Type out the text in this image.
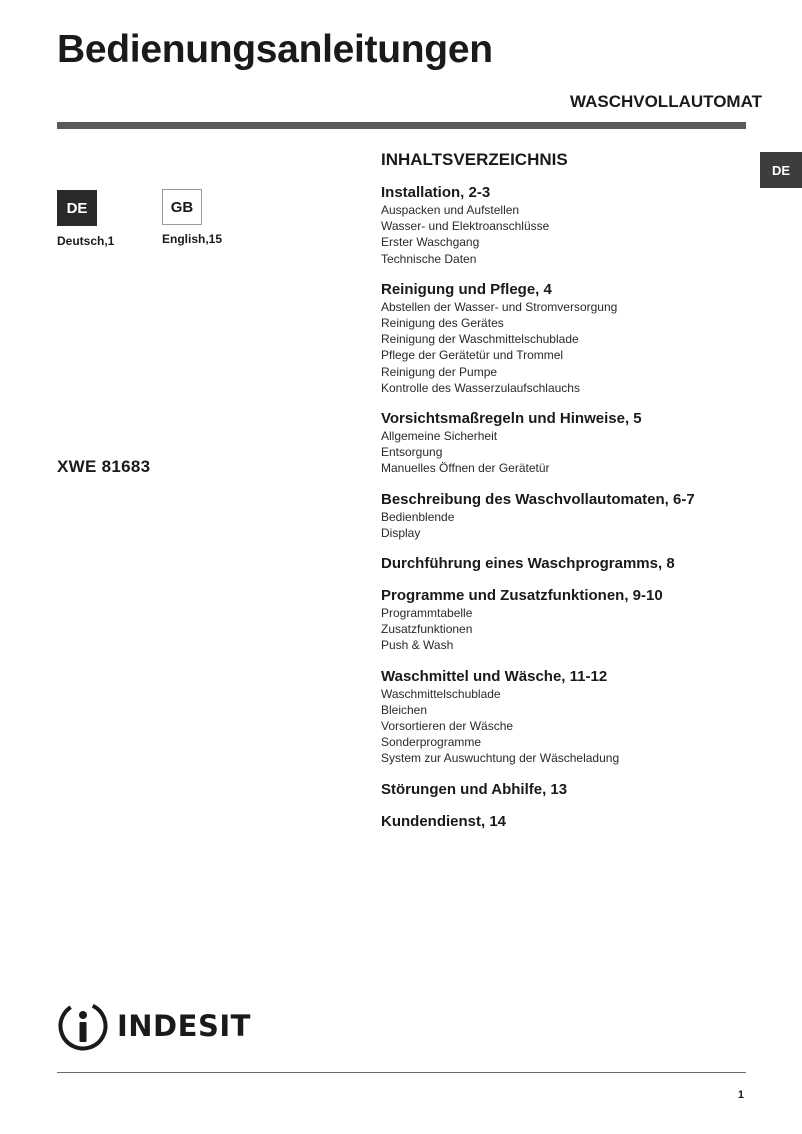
Bedienungsanleitungen
WASCHVOLLAUTOMAT
DE
DE
Deutsch,1
GB
English,15
XWE 81683
INHALTSVERZEICHNIS
Installation, 2-3
Auspacken und Aufstellen
Wasser- und Elektroanschlüsse
Erster Waschgang
Technische Daten
Reinigung und Pflege, 4
Abstellen der Wasser- und Stromversorgung
Reinigung des Gerätes
Reinigung der Waschmittelschublade
Pflege der Gerätetür und Trommel
Reinigung der Pumpe
Kontrolle des Wasserzulaufschlauchs
Vorsichtsmaßregeln und Hinweise, 5
Allgemeine Sicherheit
Entsorgung
Manuelles Öffnen der Gerätetür
Beschreibung des Waschvollautomaten, 6-7
Bedienblende
Display
Durchführung eines Waschprogramms, 8
Programme und Zusatzfunktionen, 9-10
Programmtabelle
Zusatzfunktionen
Push & Wash
Waschmittel und Wäsche, 11-12
Waschmittelschublade
Bleichen
Vorsortieren der Wäsche
Sonderprogramme
System zur Auswuchtung der Wäscheladung
Störungen und Abhilfe, 13
Kundendienst, 14
INDESIT
1
